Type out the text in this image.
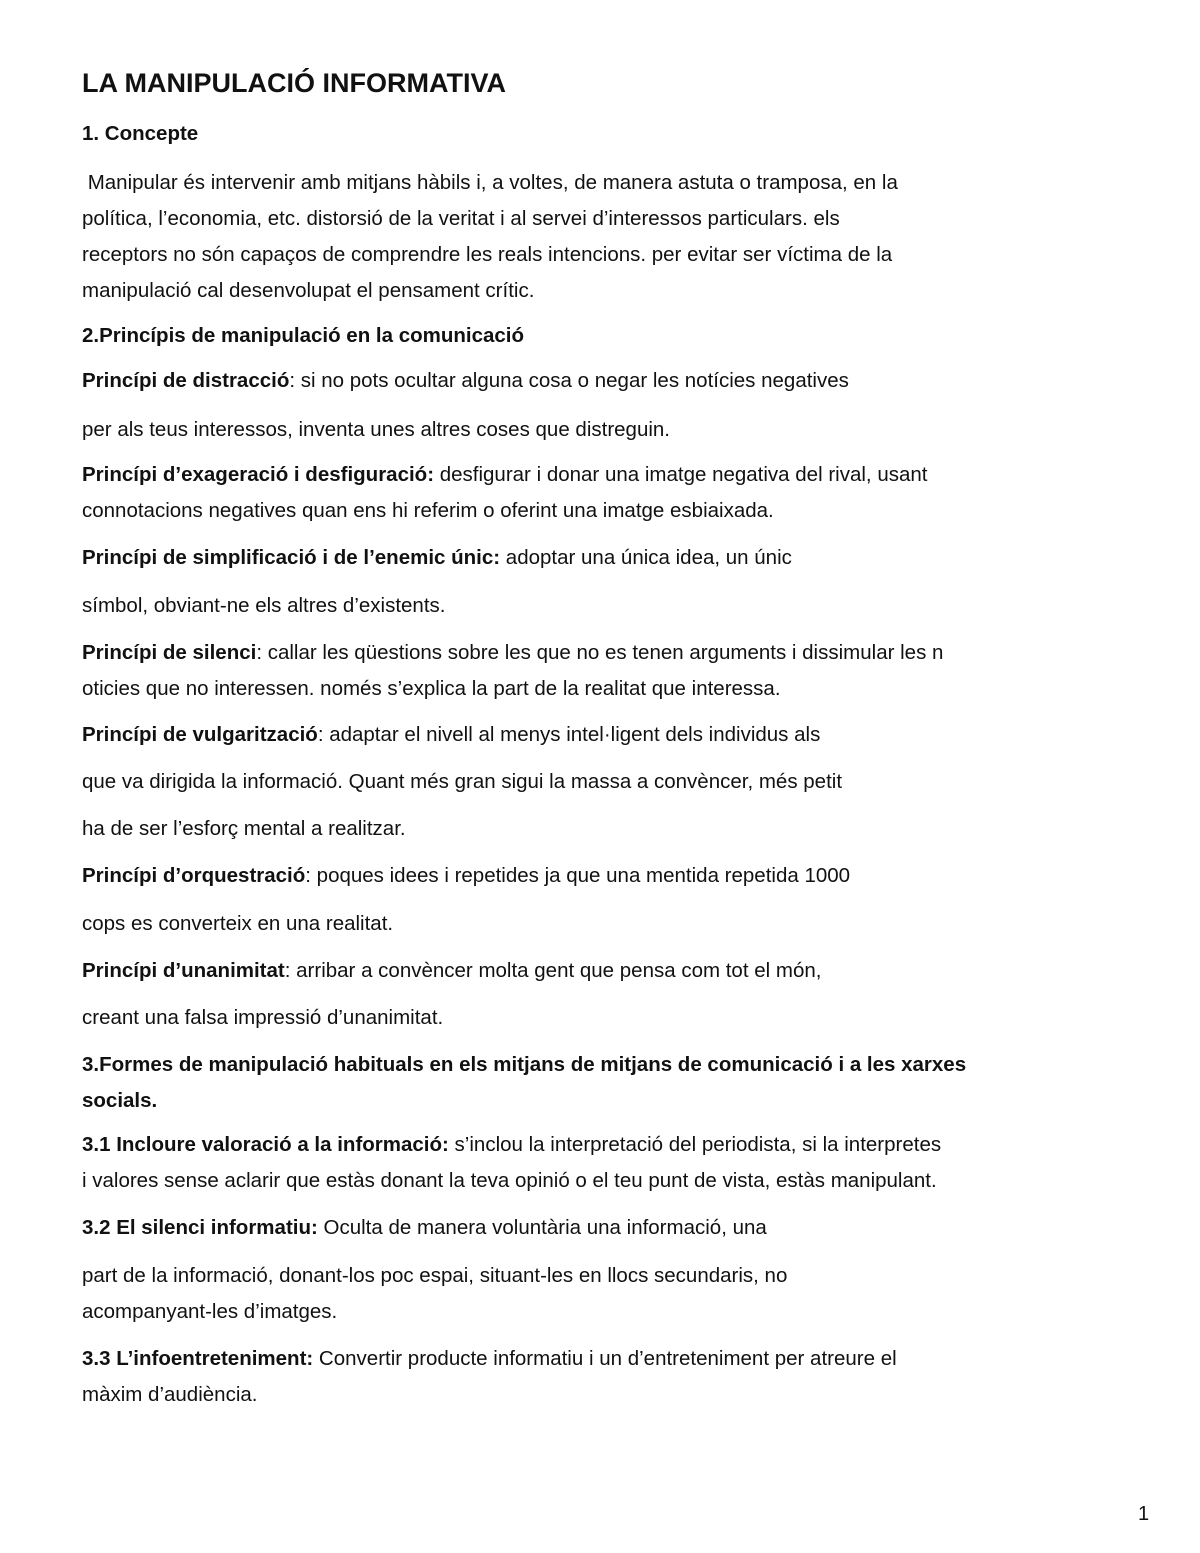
LA MANIPULACIÓ INFORMATIVA
1. Concepte

Manipular és intervenir amb mitjans hàbils i, a voltes, de manera astuta o tramposa, en la
política, l’economia, etc. distorsió de la veritat i al servei d’interessos particulars. els
receptors no són capaços de comprendre les reals intencions. per evitar ser víctima de la
manipulació cal desenvolupat el pensament crític.

2.Princípis de manipulació en la comunicació

Princípi de distracció: si no pots ocultar alguna cosa o negar les notícies negatives

per als teus interessos, inventa unes altres coses que distreguin.

Princípi d’exageració i desfiguració: desfigurar i donar una imatge negativa del rival, usant
connotacions negatives quan ens hi referim o oferint una imatge esbiaixada.

Princípi de simplificació i de l’enemic únic: adoptar una única idea, un únic

símbol, obviant-ne els altres d’existents.

Princípi de silenci: callar les qüestions sobre les que no es tenen arguments i dissimular les n
oticies que no interessen. només s’explica la part de la realitat que interessa.

Princípi de vulgarització: adaptar el nivell al menys intel·ligent dels individus als

que va dirigida la informació. Quant més gran sigui la massa a convèncer, més petit

ha de ser l’esforç mental a realitzar.

Princípi d’orquestració: poques idees i repetides ja que una mentida repetida 1000

cops es converteix en una realitat.

Princípi d’unanimitat: arribar a convèncer molta gent que pensa com tot el món,

creant una falsa impressió d’unanimitat.

3.Formes de manipulació habituals en els mitjans de mitjans de comunicació i a les xarxes
socials.

3.1 Incloure valoració a la informació: s’inclou la interpretació del periodista, si la interpretes
i valores sense aclarir que estàs donant la teva opinió o el teu punt de vista, estàs manipulant.

3.2 El silenci informatiu: Oculta de manera voluntària una informació, una

part de la informació, donant-los poc espai, situant-les en llocs secundaris, no
acompanyant-les d’imatges.

3.3 L’infoentreteniment: Convertir producte informatiu i un d’entreteniment per atreure el
màxim d’audiència.

1
